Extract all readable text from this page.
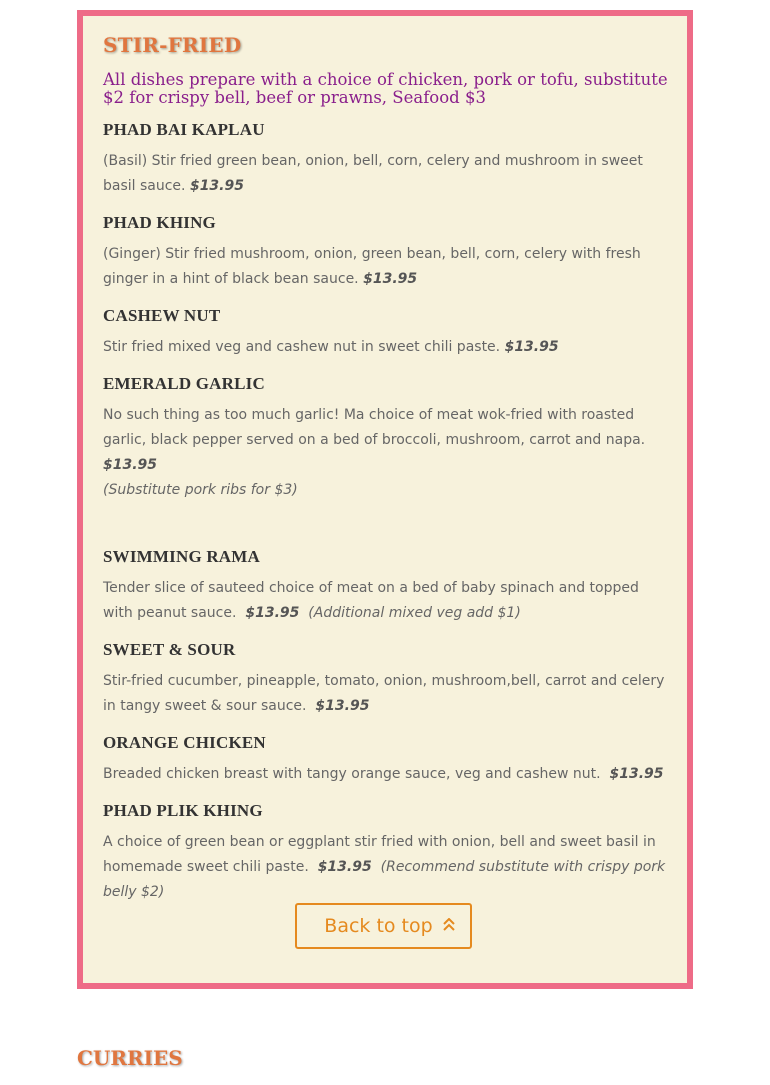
STIR-FRIED

All dishes prepare with a choice of chicken, pork or tofu, substitute $2 for crispy bell, beef or prawns, Seafood $3

PHAD BAI KAPLAU

(Basil) Stir fried green bean, onion, bell, corn, celery and mushroom in sweet basil sauce. $13.95

PHAD KHING

(Ginger) Stir fried mushroom, onion, green bean, bell, corn, celery with fresh ginger in a hint of black bean sauce. $13.95

CASHEW NUT

Stir fried mixed veg and cashew nut in sweet chili paste. $13.95

EMERALD GARLIC

No such thing as too much garlic! Ma choice of meat wok-fried with roasted garlic, black pepper served on a bed of broccoli, mushroom, carrot and napa. $13.95
(Substitute pork ribs for $3)

SWIMMING RAMA

Tender slice of sauteed choice of meat on a bed of baby spinach and topped with peanut sauce. $13.95 (Additional mixed veg add $1)

SWEET & SOUR

Stir-fried cucumber, pineapple, tomato, onion, mushroom,bell, carrot and celery in tangy sweet & sour sauce. $13.95

ORANGE CHICKEN

Breaded chicken breast with tangy orange sauce, veg and cashew nut. $13.95

PHAD PLIK KHING

A choice of green bean or eggplant stir fried with onion, bell and sweet basil in homemade sweet chili paste. $13.95 (Recommend substitute with crispy pork belly $2)

Back to top
CURRIES
